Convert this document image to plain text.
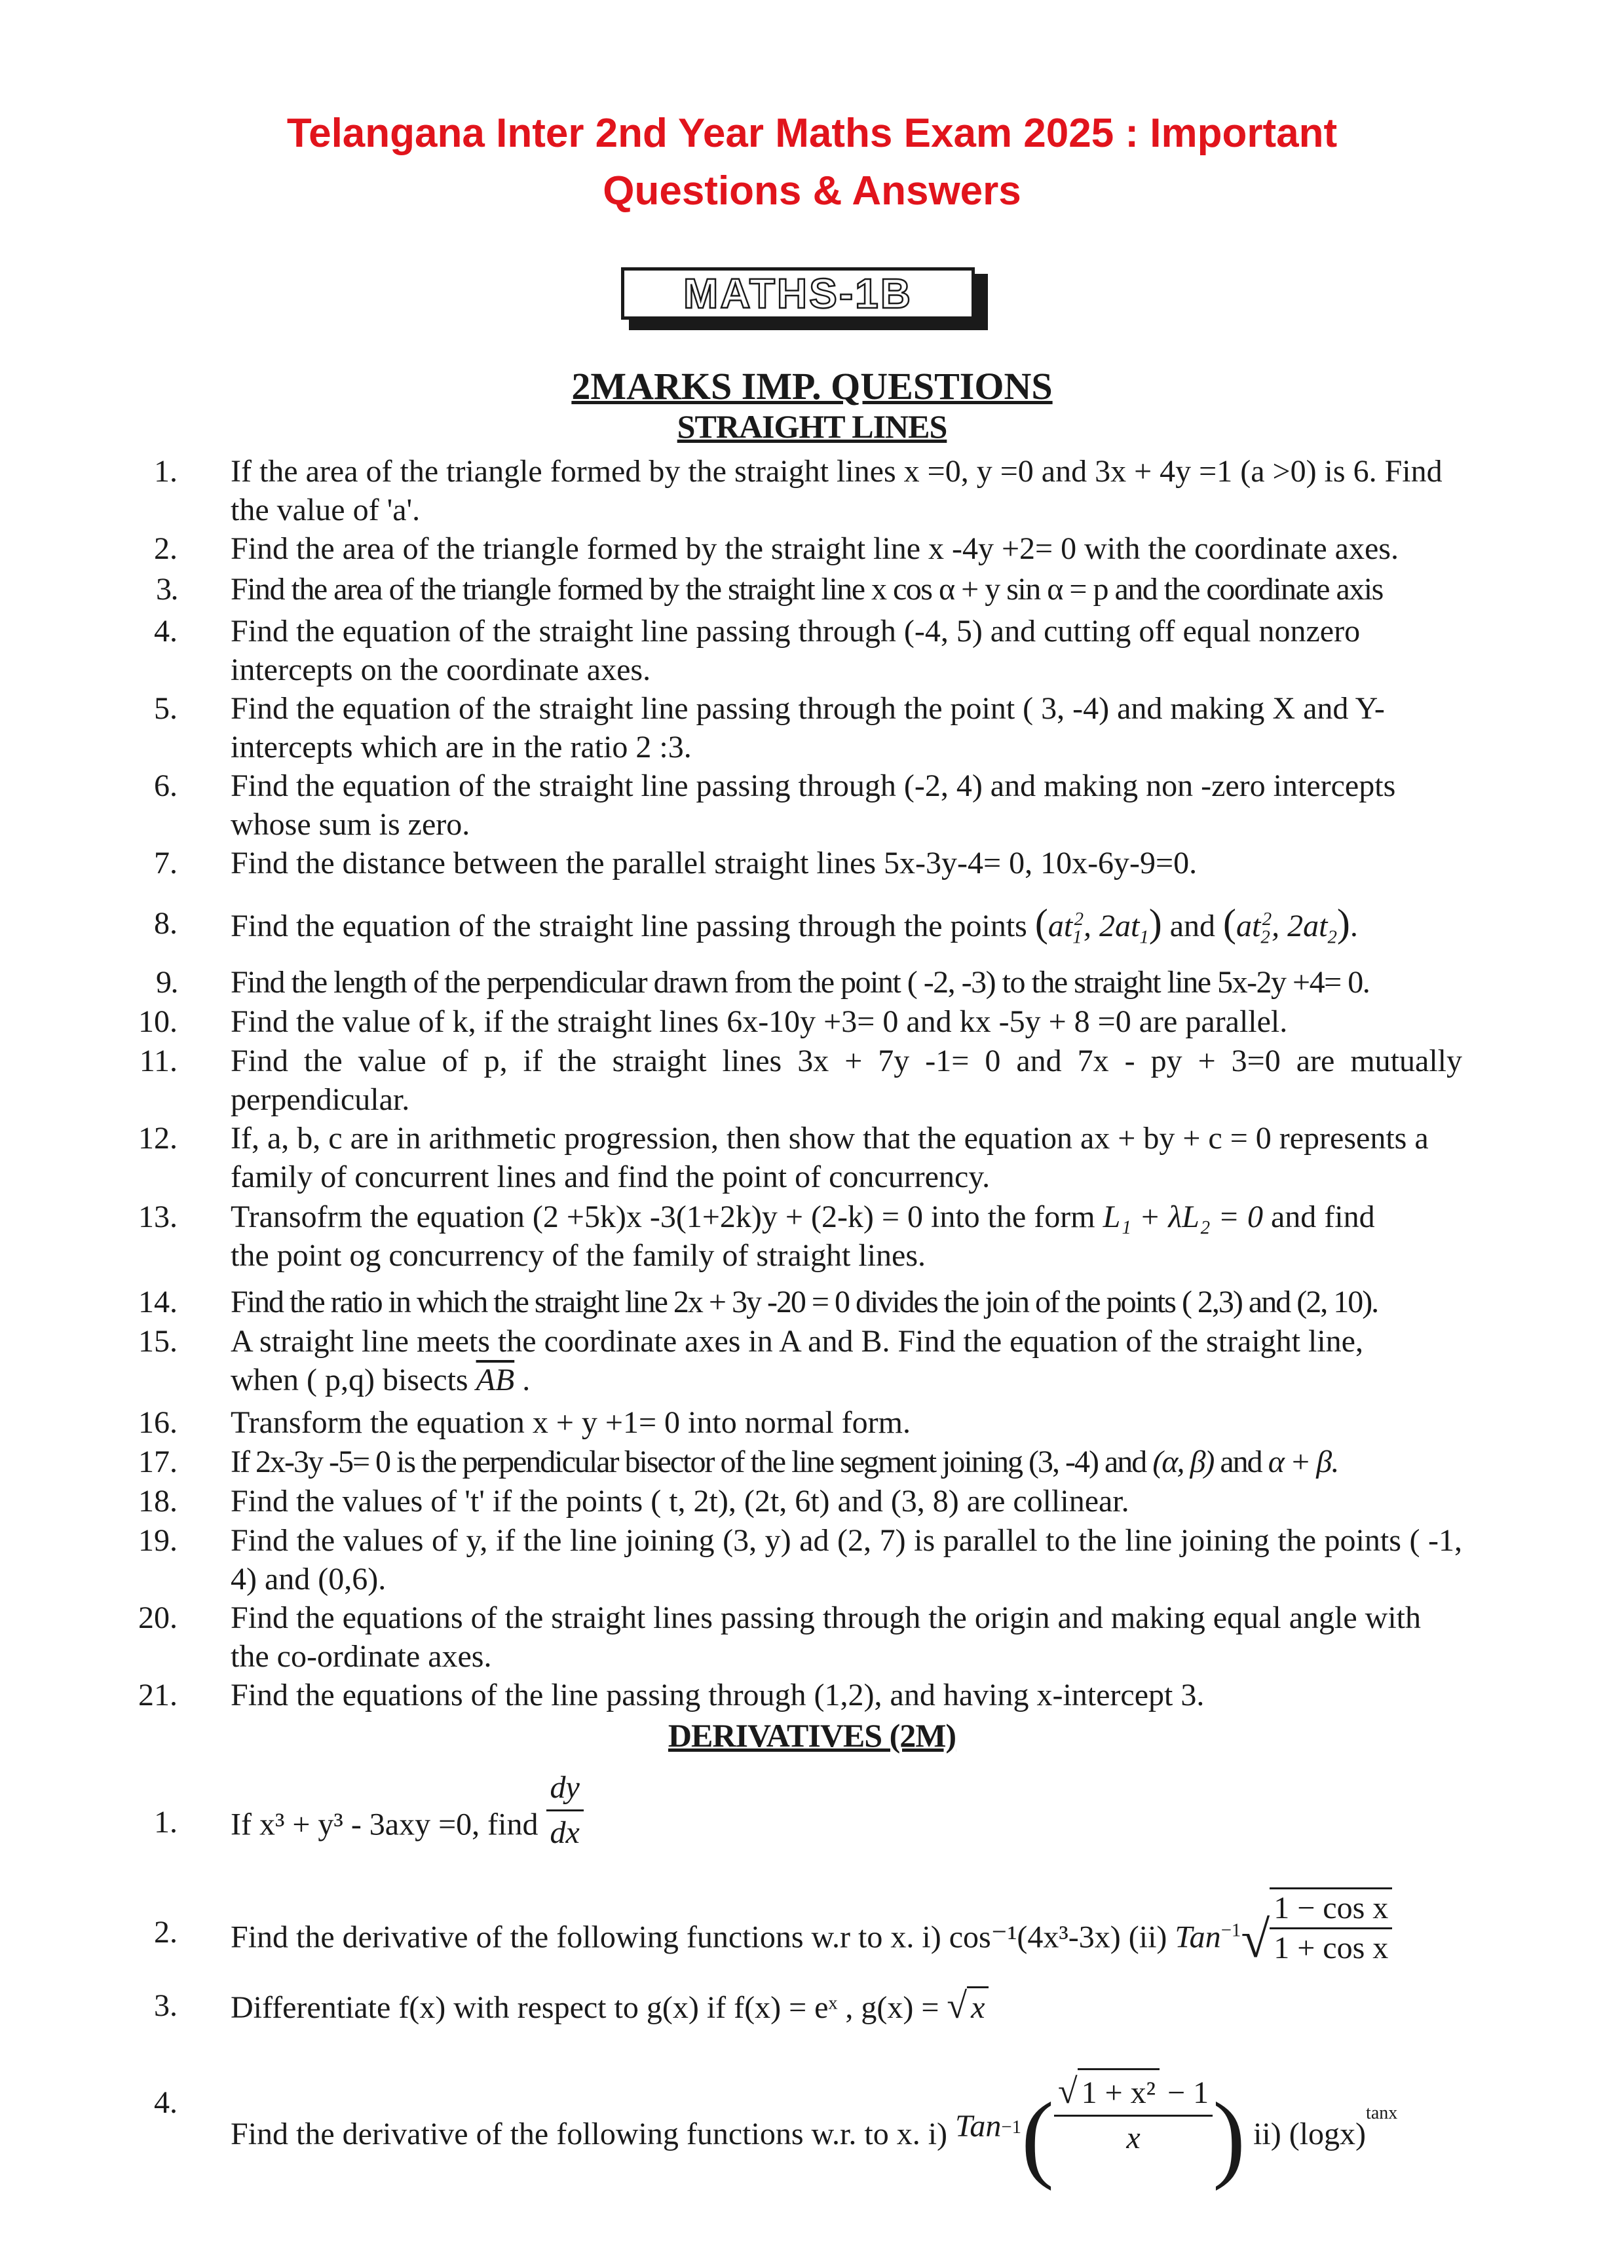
Telangana Inter 2nd Year Maths Exam 2025 : Important
Questions & Answers
MATHS-1B
2MARKS IMP. QUESTIONS
STRAIGHT LINES
1. If the area of the triangle formed by the straight lines x =0, y =0 and 3x + 4y =1 (a >0) is 6. Find the value of 'a'.
2. Find the area of the triangle formed by the straight line x -4y +2= 0 with the coordinate axes.
3. Find the area of the triangle formed by the straight line x cos α + y sin α = p and the coordinate axis
4. Find the equation of the straight line passing through (-4, 5) and cutting off equal nonzero intercepts on the coordinate axes.
5. Find the equation of the straight line passing through the point ( 3, -4) and making X and Y-intercepts which are in the ratio 2 :3.
6. Find the equation of the straight line passing through (-2, 4) and making non -zero intercepts whose sum is zero.
7. Find the distance between the parallel straight lines 5x-3y-4= 0, 10x-6y-9=0.
8. Find the equation of the straight line passing through the points ($at_1^2$, $2at_1$) and ($at_2^2$, $2at_2$).
9. Find the length of the perpendicular drawn from the point ( -2, -3) to the straight line 5x-2y +4= 0.
10. Find the value of k, if the straight lines 6x-10y +3= 0 and kx -5y + 8 =0 are parallel.
11. Find the value of p, if the straight lines 3x + 7y -1= 0 and 7x - py + 3=0 are mutually perpendicular.
12. If, a, b, c are in arithmetic progression, then show that the equation ax + by + c = 0 represents a family of concurrent lines and find the point of concurrency.
13. Transofrm the equation (2 +5k)x -3(1+2k)y + (2-k) = 0 into the form L₁ + λL₂ = 0 and find
the point og concurrency of the family of straight lines.
14. Find the ratio in which the straight line 2x + 3y -20 = 0 divides the join of the points ( 2,3) and (2, 10).
15. A straight line meets the coordinate axes in A and B. Find the equation of the straight line,
when ( p,q) bisects $\overline{AB}$ .
16. Transform the equation x + y +1= 0 into normal form.
17. If 2x-3y -5= 0 is the perpendicular bisector of the line segment joining (3, -4) and (α, β) and α + β.
18. Find the values of 't' if the points ( t, 2t), (2t, 6t) and (3, 8) are collinear.
19. Find the values of y, if the line joining (3, y) ad (2, 7) is parallel to the line joining the points ( -1, 4) and (0,6).
20. Find the equations of the straight lines passing through the origin and making equal angle with the co-ordinate axes.
21. Find the equations of the line passing through (1,2), and having x-intercept 3.
DERIVATIVES (2M)
1. If x³ + y³ - 3axy =0, find $\frac{dy}{dx}$
2. Find the derivative of the following functions w.r to x. i) cos⁻¹(4x³-3x) (ii) $Tan^{-1}√ \frac{\text{1 − cos x}}{\text{1 + cos x}}$
3. Differentiate f(x) with respect to g(x) if f(x) = eˣ , g(x) = √ x
4.
Find the derivative of the following functions w.r. to x. i) $Tan^{-1}( \frac{\text{√ 1 + x² − 1}}{x}$ ) ii) $(\log x)^{tanx}$
